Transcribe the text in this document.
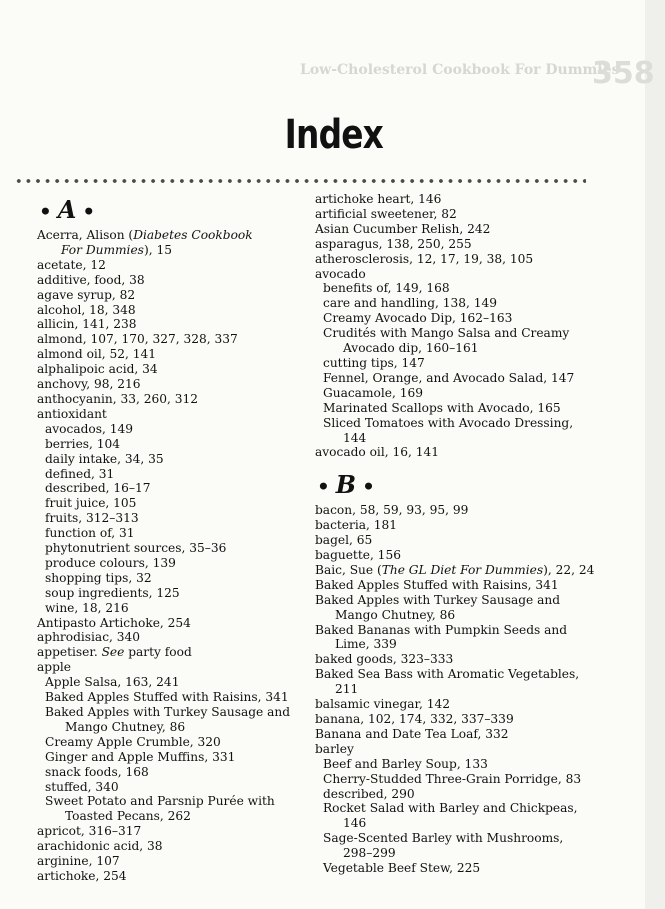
Low-Cholesterol Cookbook For Dummies
358
Index
• A •
Acerra, Alison (Diabetes Cookbook
For Dummies), 15
acetate, 12
additive, food, 38
agave syrup, 82
alcohol, 18, 348
allicin, 141, 238
almond, 107, 170, 327, 328, 337
almond oil, 52, 141
alphalipoic acid, 34
anchovy, 98, 216
anthocyanin, 33, 260, 312
antioxidant
avocados, 149
berries, 104
daily intake, 34, 35
defined, 31
described, 16–17
fruit juice, 105
fruits, 312–313
function of, 31
phytonutrient sources, 35–36
produce colours, 139
shopping tips, 32
soup ingredients, 125
wine, 18, 216
Antipasto Artichoke, 254
aphrodisiac, 340
appetiser. See party food
apple
Apple Salsa, 163, 241
Baked Apples Stuffed with Raisins, 341
Baked Apples with Turkey Sausage and
Mango Chutney, 86
Creamy Apple Crumble, 320
Ginger and Apple Muffins, 331
snack foods, 168
stuffed, 340
Sweet Potato and Parsnip Purée with
Toasted Pecans, 262
apricot, 316–317
arachidonic acid, 38
arginine, 107
artichoke, 254
artichoke heart, 146
artificial sweetener, 82
Asian Cucumber Relish, 242
asparagus, 138, 250, 255
atherosclerosis, 12, 17, 19, 38, 105
avocado
benefits of, 149, 168
care and handling, 138, 149
Creamy Avocado Dip, 162–163
Crudités with Mango Salsa and Creamy
Avocado dip, 160–161
cutting tips, 147
Fennel, Orange, and Avocado Salad, 147
Guacamole, 169
Marinated Scallops with Avocado, 165
Sliced Tomatoes with Avocado Dressing,
144
avocado oil, 16, 141
• B •
bacon, 58, 59, 93, 95, 99
bacteria, 181
bagel, 65
baguette, 156
Baic, Sue (The GL Diet For Dummies), 22, 24
Baked Apples Stuffed with Raisins, 341
Baked Apples with Turkey Sausage and
Mango Chutney, 86
Baked Bananas with Pumpkin Seeds and
Lime, 339
baked goods, 323–333
Baked Sea Bass with Aromatic Vegetables,
211
balsamic vinegar, 142
banana, 102, 174, 332, 337–339
Banana and Date Tea Loaf, 332
barley
Beef and Barley Soup, 133
Cherry-Studded Three-Grain Porridge, 83
described, 290
Rocket Salad with Barley and Chickpeas,
146
Sage-Scented Barley with Mushrooms,
298–299
Vegetable Beef Stew, 225
